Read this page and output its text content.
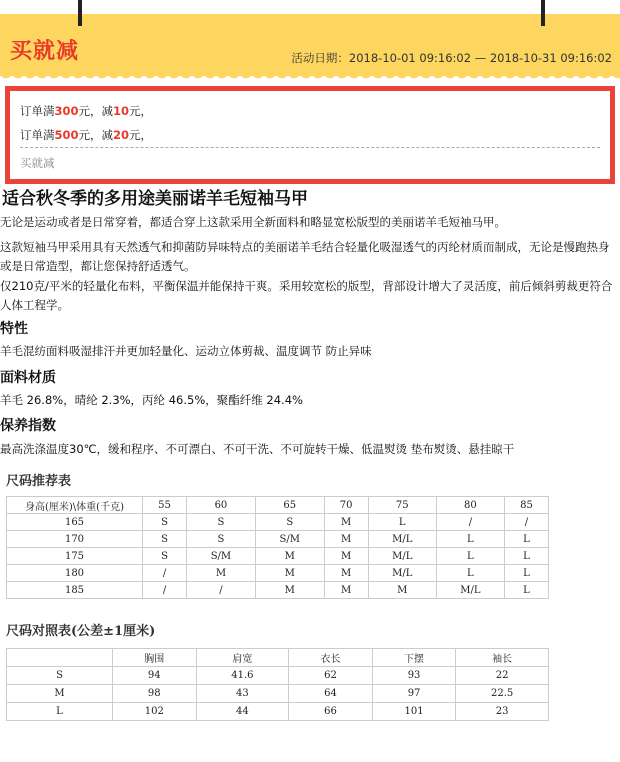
买就减	活动日期：2018-10-01 09:16:02 — 2018-10-31 09:16:02
订单满300元，减10元，
订单满500元，减20元，
买就减
适合秋冬季的多用途美丽诺羊毛短袖马甲
无论是运动或者是日常穿着，都适合穿上这款采用全新面料和略显宽松版型的美丽诺羊毛短袖马甲。
这款短袖马甲采用具有天然透气和抑菌防异味特点的美丽诺羊毛结合轻量化吸湿透气的丙纶材质而制成，无论是慢跑热身或是日常造型，都让您保持舒适透气。
仅210克/平米的轻量化布料，平衡保温并能保持干爽。采用较宽松的版型，背部设计增大了灵活度，前后倾斜剪裁更符合人体工程学。
特性
羊毛混纺面料吸湿排汗并更加轻量化、运动立体剪裁、温度调节 防止异味
面料材质
羊毛 26.8%，晴纶 2.3%，丙纶 46.5%，聚酯纤维 24.4%
保养指数
最高洗涤温度30℃，缓和程序、不可漂白、不可干洗、不可旋转干燥、低温熨烫 垫布熨烫、悬挂晾干
尺码推荐表
身高(厘米)\体重(千克)	55	60	65	70	75	80	85
165	S	S	S	M	L	/	/
170	S	S	S/M	M	M/L	L	L
175	S	S/M	M	M	M/L	L	L
180	/	M	M	M	M/L	L	L
185	/	/	M	M	M	M/L	L
尺码对照表(公差±1厘米)
	胸围	肩宽	衣长	下摆	袖长
S	94	41.6	62	93	22
M	98	43	64	97	22.5
L	102	44	66	101	23
